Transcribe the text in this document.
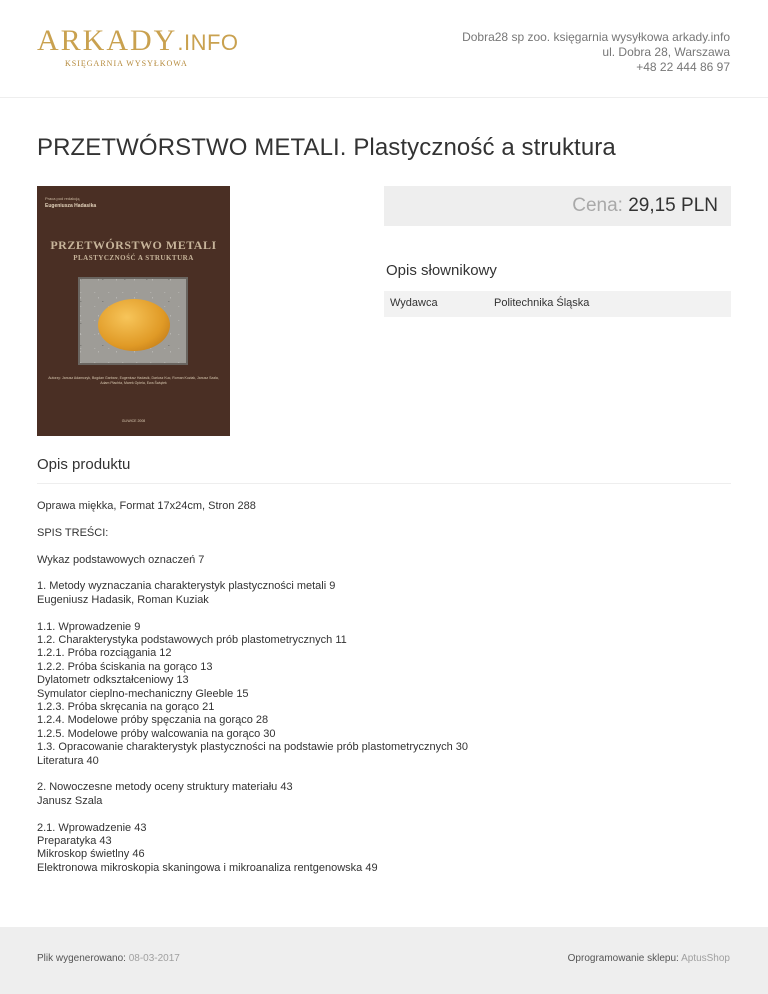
ARKADY.INFO
KSIĘGARNIA WYSYŁKOWA
Dobra28 sp zoo. księgarnia wysyłkowa arkady.info
ul. Dobra 28, Warszawa
+48 22 444 86 97
PRZETWÓRSTWO METALI. Plastyczność a struktura
Praca pod redakcją
Eugeniusza Hadasika
PRZETWÓRSTWO METALI
PLASTYCZNOŚĆ A STRUKTURA
Autorzy: Janusz Adamczyk, Bogdan Garbarz, Eugeniusz Hadasik, Dariusz Kuc, Roman Kuziak, Janusz Szala, Adam Płachta, Marek Opiela, Ewa Świątek
GLIWICE 2008
Cena: 29,15 PLN
Opis słownikowy
Wydawca	Politechnika Śląska
Opis produktu

Oprawa miękka, Format 17x24cm, Stron 288

SPIS TREŚCI:

Wykaz podstawowych oznaczeń 7

1. Metody wyznaczania charakterystyk plastyczności metali 9
Eugeniusz Hadasik, Roman Kuziak

1.1. Wprowadzenie 9
1.2. Charakterystyka podstawowych prób plastometrycznych 11
1.2.1. Próba rozciągania 12
1.2.2. Próba ściskania na gorąco 13
Dylatometr odkształceniowy 13
Symulator cieplno-mechaniczny Gleeble 15
1.2.3. Próba skręcania na gorąco 21
1.2.4. Modelowe próby spęczania na gorąco 28
1.2.5. Modelowe próby walcowania na gorąco 30
1.3. Opracowanie charakterystyk plastyczności na podstawie prób plastometrycznych 30
Literatura 40

2. Nowoczesne metody oceny struktury materiału 43
Janusz Szala

2.1. Wprowadzenie 43
Preparatyka 43
Mikroskop świetlny 46
Elektronowa mikroskopia skaningowa i mikroanaliza rentgenowska 49

Plik wygenerowano: 08-03-2017	Oprogramowanie sklepu: AptusShop
